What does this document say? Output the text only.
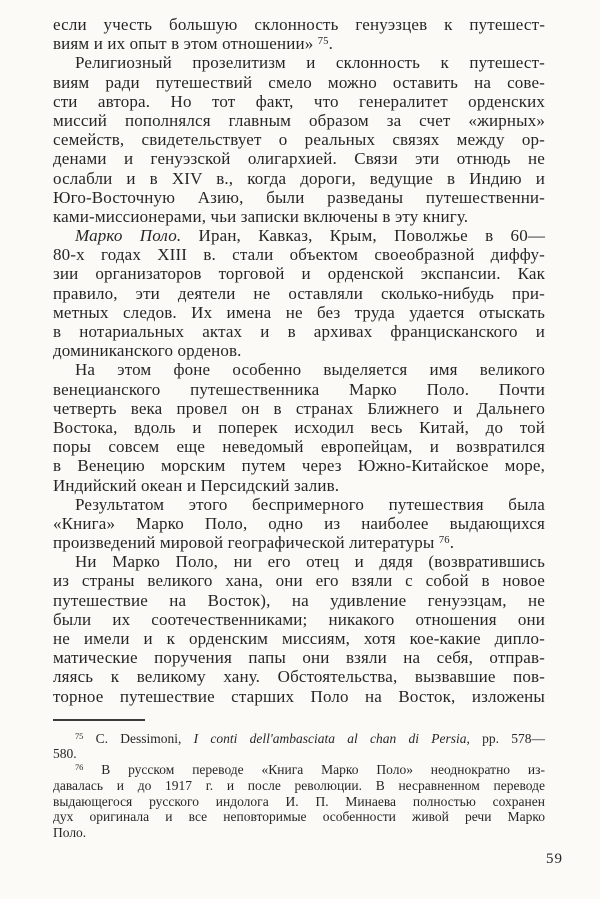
если учесть большую склонность генуэзцев к путешест-
виям и их опыт в этом отношении» $^{75}$.
Религиозный прозелитизм и склонность к путешест-
виям ради путешествий смело можно оставить на сове-
сти автора. Но тот факт, что генералитет орденских
миссий пополнялся главным образом за счет «жирных»
семейств, свидетельствует о реальных связях между ор-
денами и генуэзской олигархией. Связи эти отнюдь не
ослабли и в XIV в., когда дороги, ведущие в Индию и
Юго-Восточную Азию, были разведаны путешественни-
ками-миссионерами, чьи записки включены в эту книгу.
Марко Поло. Иран, Кавказ, Крым, Поволжье в 60—
80-х годах XIII в. стали объектом своеобразной диффу-
зии организаторов торговой и орденской экспансии. Как
правило, эти деятели не оставляли сколько-нибудь при-
метных следов. Их имена не без труда удается отыскать
в нотариальных актах и в архивах францисканского и
доминиканского орденов.
На этом фоне особенно выделяется имя великого
венецианского путешественника Марко Поло. Почти
четверть века провел он в странах Ближнего и Дальнего
Востока, вдоль и поперек исходил весь Китай, до той
поры совсем еще неведомый европейцам, и возвратился
в Венецию морским путем через Южно-Китайское море,
Индийский океан и Персидский залив.
Результатом этого беспримерного путешествия была
«Книга» Марко Поло, одно из наиболее выдающихся
произведений мировой географической литературы $^{76}$.
Ни Марко Поло, ни его отец и дядя (возвратившись
из страны великого хана, они его взяли с собой в новое
путешествие на Восток), на удивление генуэзцам, не
были их соотечественниками; никакого отношения они
не имели и к орденским миссиям, хотя кое-какие дипло-
матические поручения папы они взяли на себя, отправ-
ляясь к великому хану. Обстоятельства, вызвавшие пов-
торное путешествие старших Поло на Восток, изложены
$^{75}$ C. Dessimoni, I conti dell'ambasciata al chan di Persia, pp. 578—
580.
$^{76}$ В русском переводе «Книга Марко Поло» неоднократно из-
давалась и до 1917 г. и после революции. В несравненном переводе
выдающегося русского индолога И. П. Минаева полностью сохранен
дух оригинала и все неповторимые особенности живой речи Марко
Поло.
59
